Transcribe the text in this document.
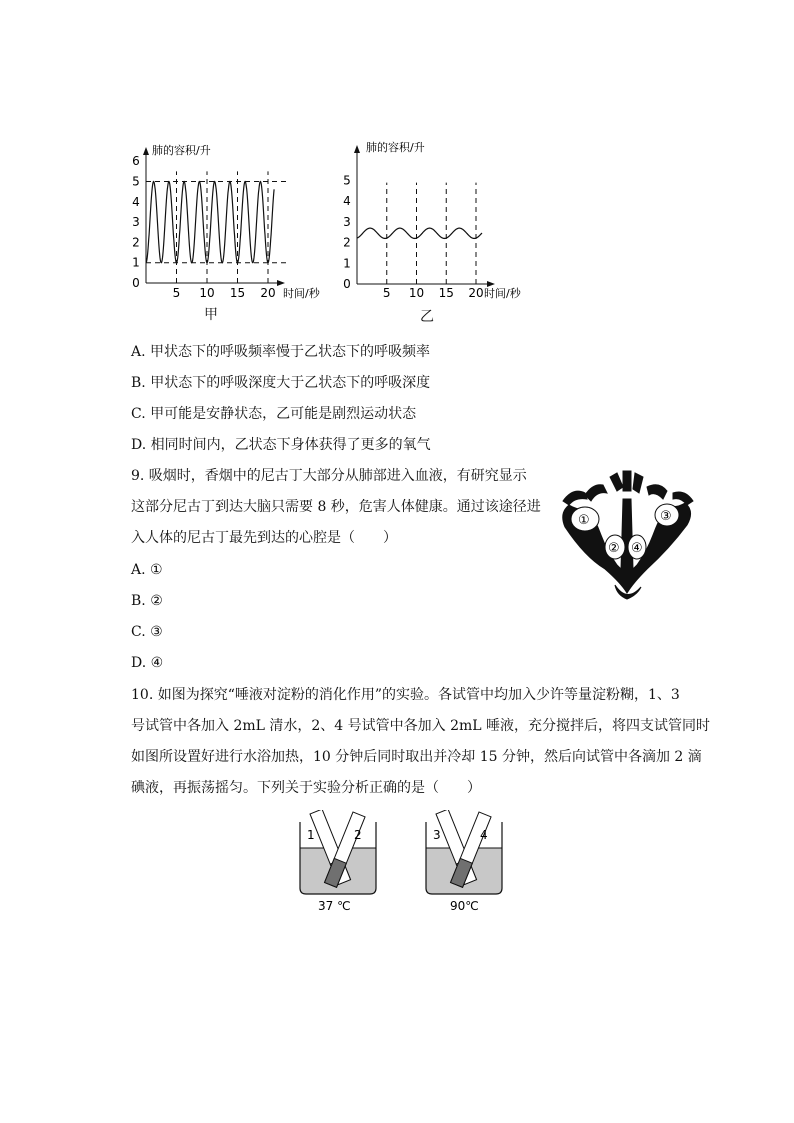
肺的容积/升
时间/秒
0
1
2
3
4
5
6
5 10 15 20
肺的容积/升
时间/秒
0
1
2
3
4
5
5 10 15 20
甲	乙
A. 甲状态下的呼吸频率慢于乙状态下的呼吸频率
B. 甲状态下的呼吸深度大于乙状态下的呼吸深度
C. 甲可能是安静状态，乙可能是剧烈运动状态
D. 相同时间内，乙状态下身体获得了更多的氧气
9. 吸烟时，香烟中的尼古丁大部分从肺部进入血液，有研究显示
这部分尼古丁到达大脑只需要 8 秒，危害人体健康。通过该途径进
入人体的尼古丁最先到达的心腔是（　　）
A. ①
B. ②
C. ③
D. ④
①	③
② ④
10. 如图为探究“唾液对淀粉的消化作用”的实验。各试管中均加入少许等量淀粉糊，1、3
号试管中各加入 2mL 清水，2、4 号试管中各加入 2mL 唾液，充分搅拌后，将四支试管同时
如图所设置好进行水浴加热，10 分钟后同时取出并冷却 15 分钟，然后向试管中各滴加 2 滴
碘液，再振荡摇匀。下列关于实验分析正确的是（　　）
1	2
37 ℃
3	4
90℃
